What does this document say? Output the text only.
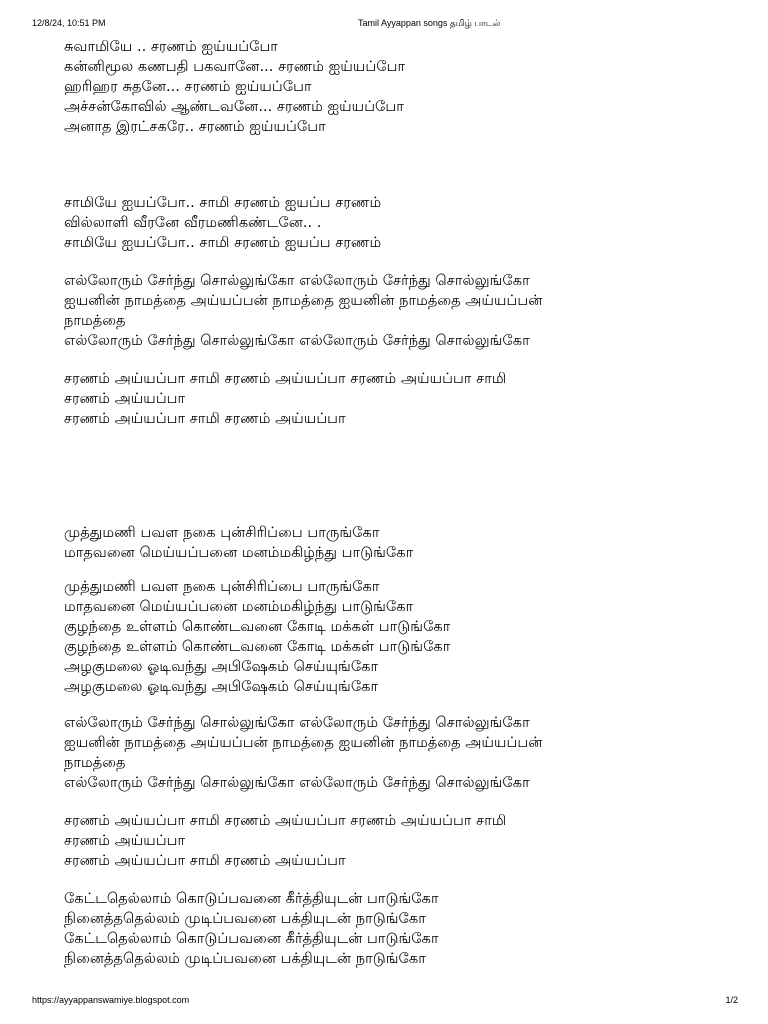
12/8/24, 10:51 PM	Tamil Ayyappan songs தமிழ் பாடல்
சுவாமியே .. சரணம் ஐய்யப்போ
கன்னிமூல கணபதி பகவானே... சரணம் ஐய்யப்போ
ஹரிஹர சுதனே... சரணம் ஐய்யப்போ
அச்சன்கோவில் ஆண்டவனே... சரணம் ஐய்யப்போ
அனாத இரட்சகரே.. சரணம் ஐய்யப்போ
சாமியே ஐயப்போ.. சாமி சரணம் ஐயப்ப சரணம்
வில்லாளி வீரனே வீரமணிகண்டனே.. .
சாமியே ஐயப்போ.. சாமி சரணம் ஐயப்ப சரணம்
எல்லோரும் சேர்ந்து சொல்லுங்கோ எல்லோரும் சேர்ந்து சொல்லுங்கோ
ஐயனின் நாமத்தை அய்யப்பன் நாமத்தை ஐயனின் நாமத்தை அய்யப்பன்
நாமத்தை
எல்லோரும் சேர்ந்து சொல்லுங்கோ எல்லோரும் சேர்ந்து சொல்லுங்கோ
சரணம் அய்யப்பா சாமி சரணம் அய்யப்பா சரணம் அய்யப்பா சாமி
சரணம் அய்யப்பா
சரணம் அய்யப்பா சாமி சரணம் அய்யப்பா
முத்துமணி பவள நகை புன்சிரிப்பை பாருங்கோ
மாதவனை மெய்யப்பனை மனம்மகிழ்ந்து பாடுங்கோ
முத்துமணி பவள நகை புன்சிரிப்பை பாருங்கோ
மாதவனை மெய்யப்பனை மனம்மகிழ்ந்து பாடுங்கோ
குழந்தை உள்ளம் கொண்டவனை கோடி மக்கள் பாடுங்கோ
குழந்தை உள்ளம் கொண்டவனை கோடி மக்கள் பாடுங்கோ
அழகுமலை ஓடிவந்து அபிஷேகம் செய்யுங்கோ
அழகுமலை ஓடிவந்து அபிஷேகம் செய்யுங்கோ
எல்லோரும் சேர்ந்து சொல்லுங்கோ எல்லோரும் சேர்ந்து சொல்லுங்கோ
ஐயனின் நாமத்தை அய்யப்பன் நாமத்தை ஐயனின் நாமத்தை அய்யப்பன்
நாமத்தை
எல்லோரும் சேர்ந்து சொல்லுங்கோ எல்லோரும் சேர்ந்து சொல்லுங்கோ
சரணம் அய்யப்பா சாமி சரணம் அய்யப்பா சரணம் அய்யப்பா சாமி
சரணம் அய்யப்பா
சரணம் அய்யப்பா சாமி சரணம் அய்யப்பா
கேட்டதெல்லாம் கொடுப்பவனை கீர்த்தியுடன் பாடுங்கோ
நினைத்ததெல்லம் முடிப்பவனை பக்தியுடன் நாடுங்கோ
கேட்டதெல்லாம் கொடுப்பவனை கீர்த்தியுடன் பாடுங்கோ
நினைத்ததெல்லம் முடிப்பவனை பக்தியுடன் நாடுங்கோ
https://ayyappanswamiye.blogspot.com	1/2
